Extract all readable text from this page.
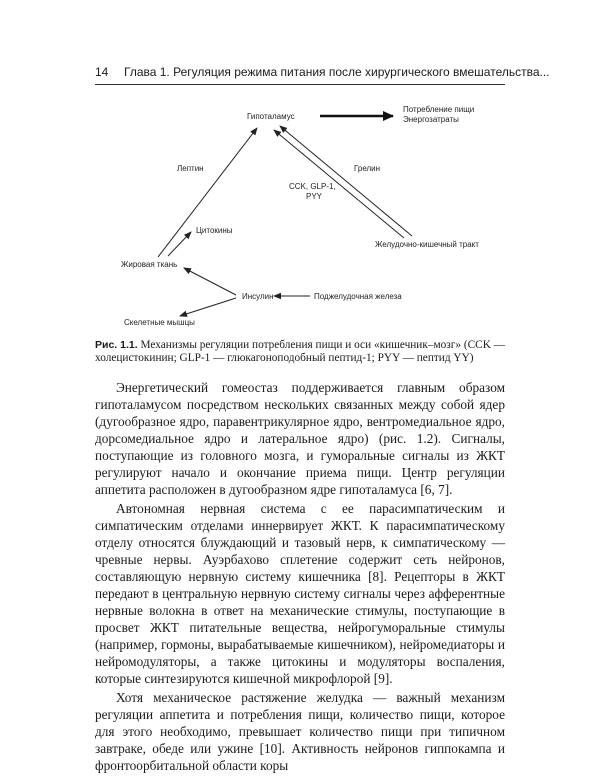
14 Глава 1. Регуляция режима питания после хирургического вмешательства...
Гипоталамус
Потребление пищи
Энергозатраты
Лептин	Грелин
CCK, GLP-1,
PYY
Цитокины
Желудочно-кишечный тракт
Жировая ткань
Инсулин	Поджелудочная железа
Скелетные мышцы
Рис. 1.1. Механизмы регуляции потребления пищи и оси «кишечник–мозг» (CCK — холецистокинин; GLP-1 — глюкагоноподобный пептид-1; PYY — пептид YY)

Энергетический гомеостаз поддерживается главным образом гипоталамусом посредством нескольких связанных между собой ядер (дугообразное ядро, паравентрикулярное ядро, вентромедиальное ядро, дорсомедиальное ядро и латеральное ядро) (рис. 1.2). Сигналы, поступающие из головного мозга, и гуморальные сигналы из ЖКТ регулируют начало и окончание приема пищи. Центр регуляции аппетита расположен в дугообразном ядре гипоталамуса [6, 7].

Автономная нервная система с ее парасимпатическим и симпатическим отделами иннервирует ЖКТ. К парасимпатическому отделу относятся блуждающий и тазовый нерв, к симпатическому — чревные нервы. Ауэрбахово сплетение содержит сеть нейронов, составляющую нервную систему кишечника [8]. Рецепторы в ЖКТ передают в центральную нервную систему сигналы через афферентные нервные волокна в ответ на механические стимулы, поступающие в просвет ЖКТ питательные вещества, нейрогуморальные стимулы (например, гормоны, вырабатываемые кишечником), нейромедиаторы и нейромодуляторы, а также цитокины и модуляторы воспаления, которые синтезируются кишечной микрофлорой [9].

Хотя механическое растяжение желудка — важный механизм регуляции аппетита и потребления пищи, количество пищи, которое для этого необходимо, превышает количество пищи при типичном завтраке, обеде или ужине [10]. Активность нейронов гиппокампа и фронтоорбитальной области коры
